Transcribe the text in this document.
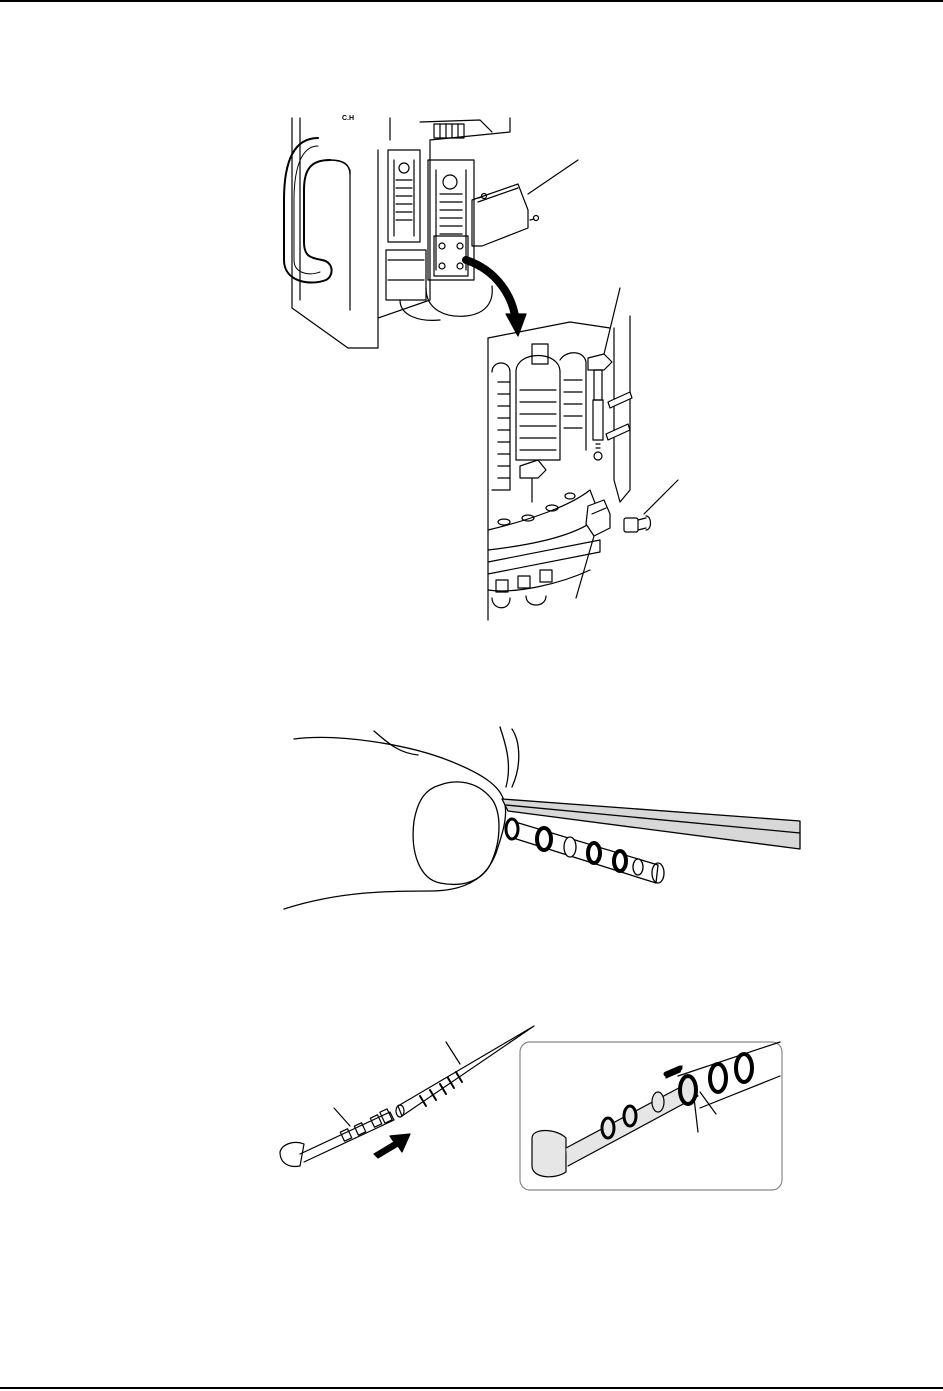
C.H
